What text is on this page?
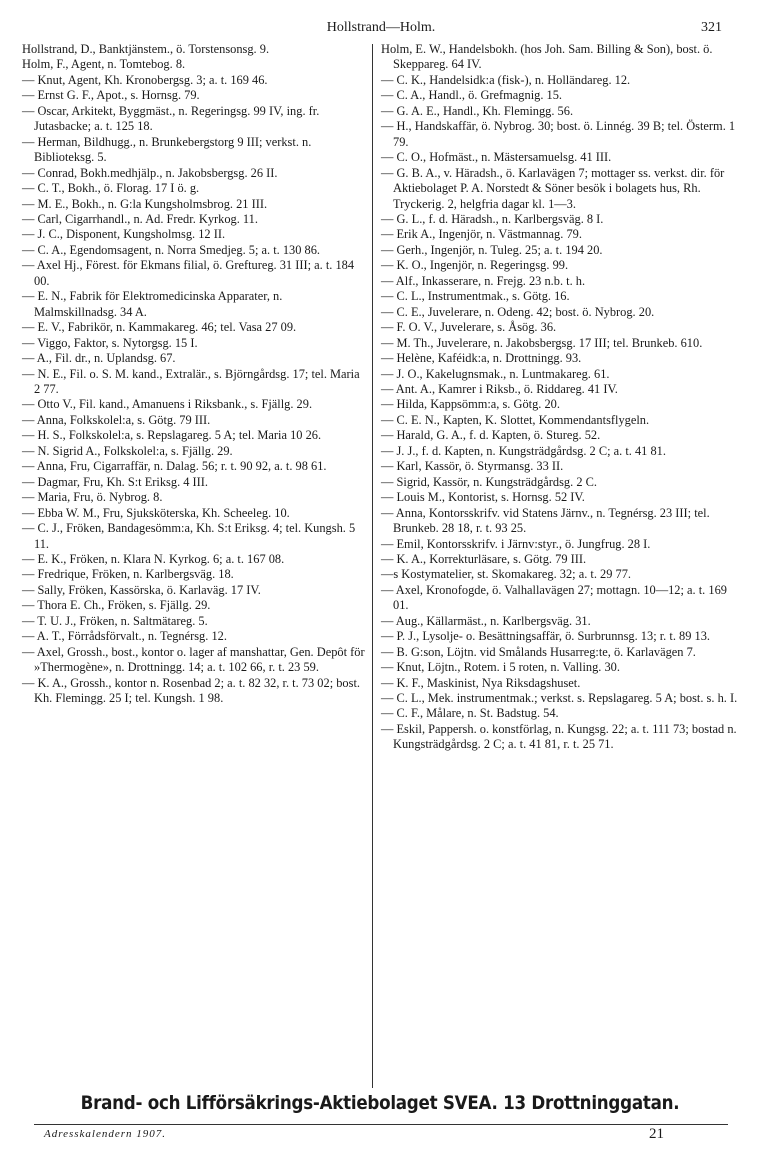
Hollstrand—Holm.	321
Hollstrand, D., Banktjänstem., ö. Torstensonsg. 9.
Holm, F., Agent, n. Tomtebog. 8.
— Knut, Agent, Kh. Kronobergsg. 3; a. t. 169 46.
— Ernst G. F., Apot., s. Hornsg. 79.
— Oscar, Arkitekt, Byggmäst., n. Regeringsg. 99 IV, ing. fr. Jutasbacke; a. t. 125 18.
— Herman, Bildhugg., n. Brunkebergstorg 9 III; verkst. n. Biblioteksg. 5.
— Conrad, Bokh.medhjälp., n. Jakobsbergsg. 26 II.
— C. T., Bokh., ö. Florag. 17 I ö. g.
— M. E., Bokh., n. G:la Kungsholmsbrog. 21 III.
— Carl, Cigarrhandl., n. Ad. Fredr. Kyrkog. 11.
— J. C., Disponent, Kungsholmsg. 12 II.
— C. A., Egendomsagent, n. Norra Smedjeg. 5; a. t. 130 86.
— Axel Hj., Förest. för Ekmans filial, ö. Greftureg. 31 III; a. t. 184 00.
— E. N., Fabrik för Elektromedicinska Apparater, n. Malmskillnadsg. 34 A.
— E. V., Fabrikör, n. Kammakareg. 46; tel. Vasa 27 09.
— Viggo, Faktor, s. Nytorgsg. 15 I.
— A., Fil. dr., n. Uplandsg. 67.
— N. E., Fil. o. S. M. kand., Extralär., s. Björngårdsg. 17; tel. Maria 2 77.
— Otto V., Fil. kand., Amanuens i Riksbank., s. Fjällg. 29.
— Anna, Folkskolel:a, s. Götg. 79 III.
— H. S., Folkskolel:a, s. Repslagareg. 5 A; tel. Maria 10 26.
— N. Sigrid A., Folkskolel:a, s. Fjällg. 29.
— Anna, Fru, Cigarraffär, n. Dalag. 56; r. t. 90 92, a. t. 98 61.
— Dagmar, Fru, Kh. S:t Eriksg. 4 III.
— Maria, Fru, ö. Nybrog. 8.
— Ebba W. M., Fru, Sjuksköterska, Kh. Scheeleg. 10.
— C. J., Fröken, Bandagesömm:a, Kh. S:t Eriksg. 4; tel. Kungsh. 5 11.
— E. K., Fröken, n. Klara N. Kyrkog. 6; a. t. 167 08.
— Fredrique, Fröken, n. Karlbergsväg. 18.
— Sally, Fröken, Kassörska, ö. Karlaväg. 17 IV.
— Thora E. Ch., Fröken, s. Fjällg. 29.
— T. U. J., Fröken, n. Saltmätareg. 5.
— A. T., Förrådsförvalt., n. Tegnérsg. 12.
— Axel, Grossh., bost., kontor o. lager af manshattar, Gen. Depôt för »Thermogène», n. Drottningg. 14; a. t. 102 66, r. t. 23 59.
— K. A., Grossh., kontor n. Rosenbad 2; a. t. 82 32, r. t. 73 02; bost. Kh. Flemingg. 25 I; tel. Kungsh. 1 98.
Holm, E. W., Handelsbokh. (hos Joh. Sam. Billing & Son), bost. ö. Skeppareg. 64 IV.
— C. K., Handelsidk:a (fisk-), n. Holländareg. 12.
— C. A., Handl., ö. Grefmagnig. 15.
— G. A. E., Handl., Kh. Flemingg. 56.
— H., Handskaffär, ö. Nybrog. 30; bost. ö. Linnég. 39 B; tel. Österm. 1 79.
— C. O., Hofmäst., n. Mästersamuelsg. 41 III.
— G. B. A., v. Häradsh., ö. Karlavägen 7; mottager ss. verkst. dir. för Aktiebolaget P. A. Norstedt & Söner besök i bolagets hus, Rh. Tryckerig. 2, helgfria dagar kl. 1—3.
— G. L., f. d. Häradsh., n. Karlbergsväg. 8 I.
— Erik A., Ingenjör, n. Västmannag. 79.
— Gerh., Ingenjör, n. Tuleg. 25; a. t. 194 20.
— K. O., Ingenjör, n. Regeringsg. 99.
— Alf., Inkasserare, n. Frejg. 23 n.b. t. h.
— C. L., Instrumentmak., s. Götg. 16.
— C. E., Juvelerare, n. Odeng. 42; bost. ö. Nybrog. 20.
— F. O. V., Juvelerare, s. Åsög. 36.
— M. Th., Juvelerare, n. Jakobsbergsg. 17 III; tel. Brunkeb. 610.
— Helène, Kaféidk:a, n. Drottningg. 93.
— J. O., Kakelugnsmak., n. Luntmakareg. 61.
— Ant. A., Kamrer i Riksb., ö. Riddareg. 41 IV.
— Hilda, Kappsömm:a, s. Götg. 20.
— C. E. N., Kapten, K. Slottet, Kommendantsflygeln.
— Harald, G. A., f. d. Kapten, ö. Stureg. 52.
— J. J., f. d. Kapten, n. Kungsträdgårdsg. 2 C; a. t. 41 81.
— Karl, Kassör, ö. Styrmansg. 33 II.
— Sigrid, Kassör, n. Kungsträdgårdsg. 2 C.
— Louis M., Kontorist, s. Hornsg. 52 IV.
— Anna, Kontorsskrifv. vid Statens Järnv., n. Tegnérsg. 23 III; tel. Brunkeb. 28 18, r. t. 93 25.
— Emil, Kontorsskrifv. i Järnv:styr., ö. Jungfrug. 28 I.
— K. A., Korrekturläsare, s. Götg. 79 III.
—s Kostymatelier, st. Skomakareg. 32; a. t. 29 77.
— Axel, Kronofogde, ö. Valhallavägen 27; mottagn. 10—12; a. t. 169 01.
— Aug., Källarmäst., n. Karlbergsväg. 31.
— P. J., Lysolje- o. Besättningsaffär, ö. Surbrunnsg. 13; r. t. 89 13.
— B. G:son, Löjtn. vid Smålands Husarreg:te, ö. Karlavägen 7.
— Knut, Löjtn., Rotem. i 5 roten, n. Valling. 30.
— K. F., Maskinist, Nya Riksdagshuset.
— C. L., Mek. instrumentmak.; verkst. s. Repslagareg. 5 A; bost. s. h. I.
— C. F., Målare, n. St. Badstug. 54.
— Eskil, Pappersh. o. konstförlag, n. Kungsg. 22; a. t. 111 73; bostad n. Kungsträdgårdsg. 2 C; a. t. 41 81, r. t. 25 71.
Brand- och Lifförsäkrings-Aktiebolaget SVEA. 13 Drottninggatan.
Adresskalendern 1907.	21
